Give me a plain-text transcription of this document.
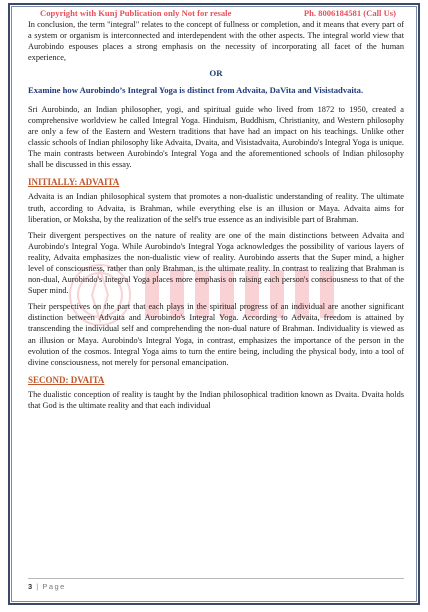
Copyright with Kunj Publication only Not for resale	Ph. 8006184581 (Call Us)

In conclusion, the term "integral" relates to the concept of fullness or completion, and it means that every part of a system or organism is interconnected and interdependent with the other aspects. The integral world view that Aurobindo espouses places a strong emphasis on the necessity of incorporating all facet of the human experience,

OR
Examine how Aurobindo’s Integral Yoga is distinct from Advaita, DaVita and Visistadvaita.

Sri Aurobindo, an Indian philosopher, yogi, and spiritual guide who lived from 1872 to 1950, created a comprehensive worldview he called Integral Yoga. Hinduism, Buddhism, Christianity, and Western philosophy are only a few of the Eastern and Western traditions that have had an impact on his teachings. Unlike other classic schools of Indian philosophy like Advaita, Dvaita, and Visistadvaita, Aurobindo's Integral Yoga is unique. The main contrasts between Aurobindo's Integral Yoga and the aforementioned schools of Indian philosophy shall be discussed in this essay.

INITIALLY: ADVAITA

Advaita is an Indian philosophical system that promotes a non-dualistic understanding of reality. The ultimate truth, according to Advaita, is Brahman, while everything else is an illusion or Maya. Advaita aims for liberation, or Moksha, by the realization of the self's true essence as an indivisible part of Brahman.

Their divergent perspectives on the nature of reality are one of the main distinctions between Advaita and Aurobindo's Integral Yoga. While Aurobindo's Integral Yoga acknowledges the possibility of various layers of reality, Advaita emphasizes the non-dualistic view of reality. Aurobindo asserts that the Super mind, a higher level of consciousness, rather than only Brahman, is the ultimate reality. In contrast to realizing that Brahman is non-dual, Aurobindo's Integral Yoga places more emphasis on raising each person's consciousness to that of the Super mind.

Their perspectives on the part that each plays in the spiritual progress of an individual are another significant distinction between Advaita and Aurobindo's Integral Yoga. According to Advaita, freedom is attained by transcending the individual self and comprehending the non-dual nature of Brahman. Individuality is viewed as an illusion or Maya. Aurobindo's Integral Yoga, in contrast, emphasizes the importance of the person in the evolution of the cosmos. Integral Yoga aims to turn the entire being, including the physical body, into a tool of divine consciousness, not merely for personal emancipation.

SECOND: DVAITA

The dualistic conception of reality is taught by the Indian philosophical tradition known as Dvaita. Dvaita holds that God is the ultimate reality and that each individual

3 | Page
